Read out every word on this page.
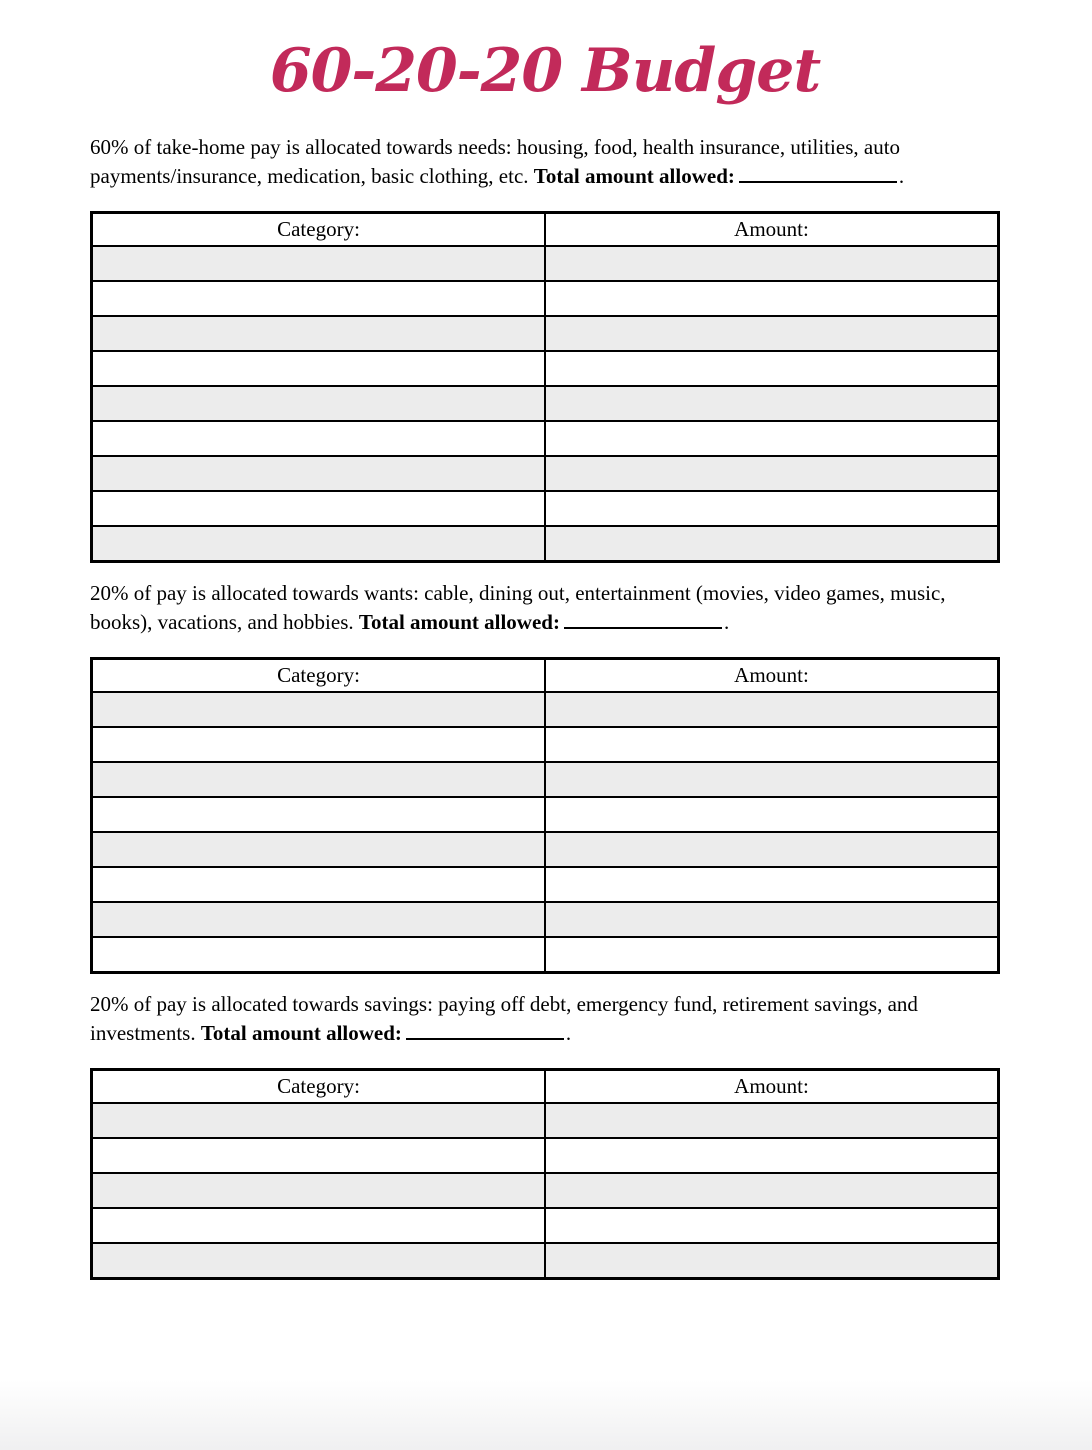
60-20-20 Budget

60% of take-home pay is allocated towards needs: housing, food, health insurance, utilities, auto payments/insurance, medication, basic clothing, etc. Total amount allowed:	.

Category:	Amount:

20% of pay is allocated towards wants: cable, dining out, entertainment (movies, video games, music, books), vacations, and hobbies. Total amount allowed:	.

Category:	Amount:

20% of pay is allocated towards savings: paying off debt, emergency fund, retirement savings, and investments. Total amount allowed:	.

Category:	Amount:
